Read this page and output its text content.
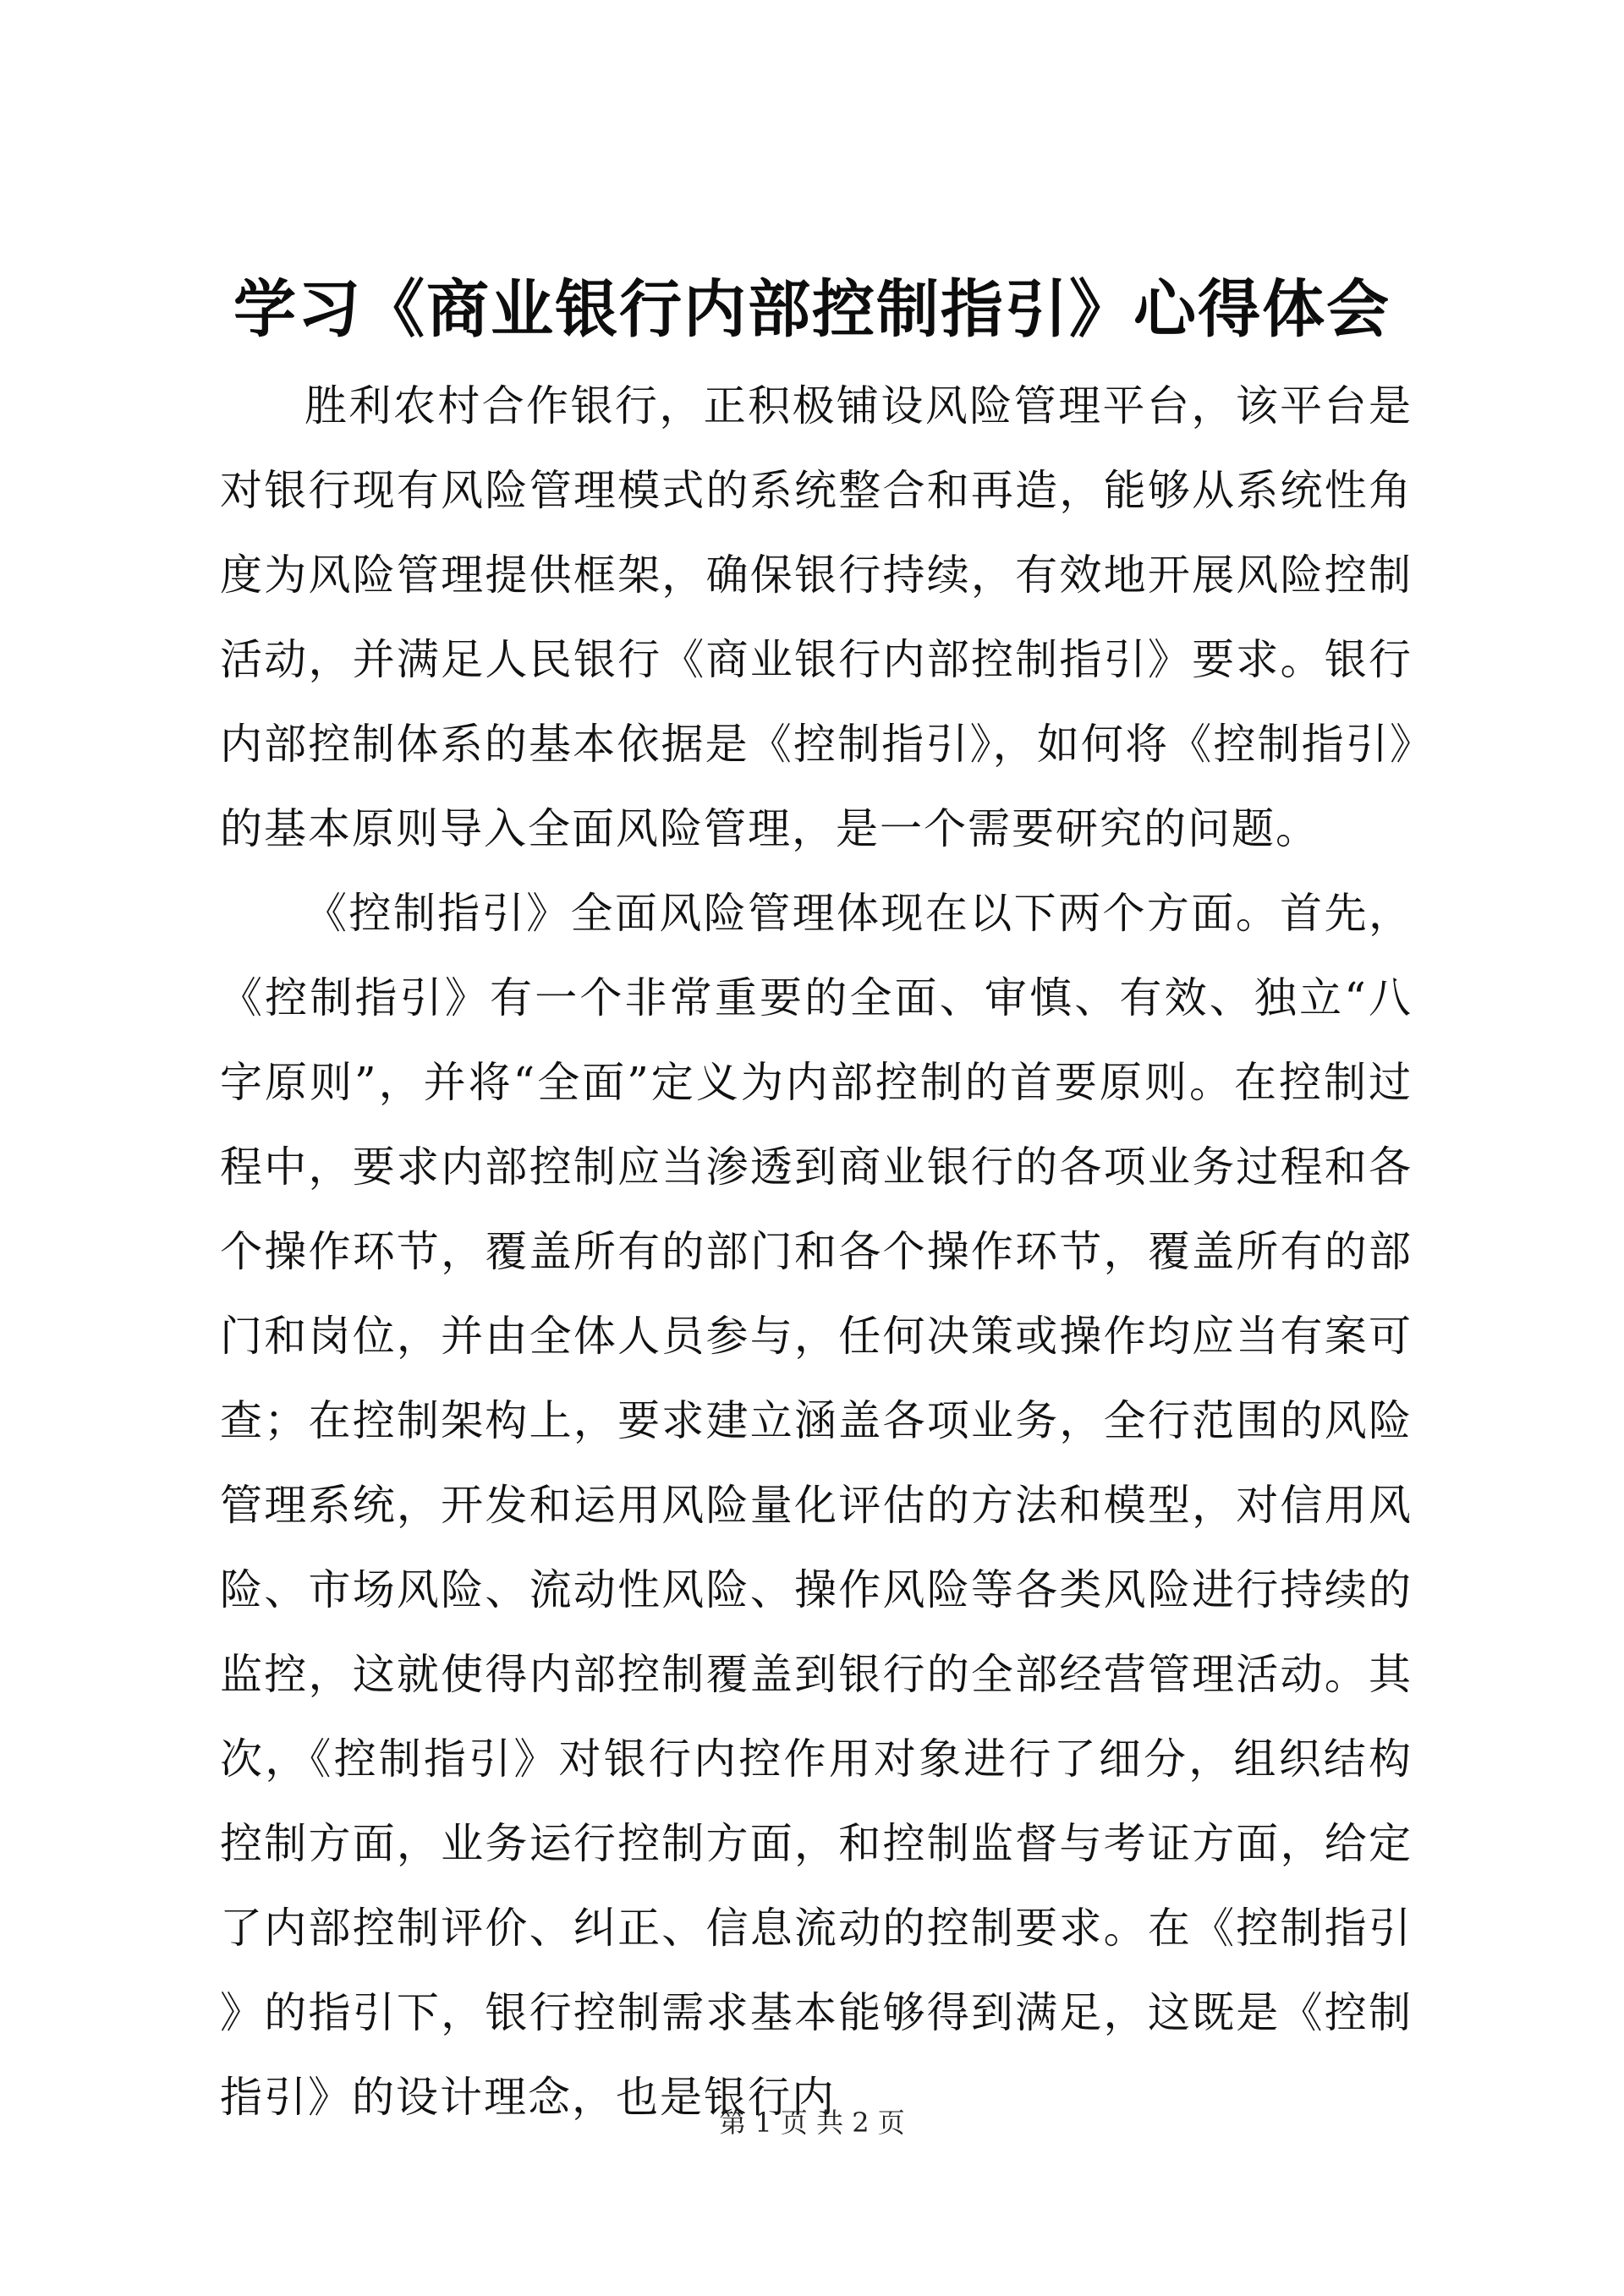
学习《商业银行内部控制指引》心得体会

胜利农村合作银行，正积极铺设风险管理平台，该平台是对银行现有风险管理模式的系统整合和再造，能够从系统性角度为风险管理提供框架，确保银行持续，有效地开展风险控制活动，并满足人民银行《商业银行内部控制指引》要求。银行内部控制体系的基本依据是《控制指引》，如何将《控制指引》的基本原则导入全面风险管理，是一个需要研究的问题。

《控制指引》全面风险管理体现在以下两个方面。首先，《控制指引》有一个非常重要的全面、审慎、有效、独立“八字原则”，并将“全面”定义为内部控制的首要原则。在控制过程中，要求内部控制应当渗透到商业银行的各项业务过程和各个操作环节，覆盖所有的部门和各个操作环节，覆盖所有的部门和岗位，并由全体人员参与，任何决策或操作均应当有案可查；在控制架构上，要求建立涵盖各项业务，全行范围的风险管理系统，开发和运用风险量化评估的方法和模型，对信用风险、市场风险、流动性风险、操作风险等各类风险进行持续的监控，这就使得内部控制覆盖到银行的全部经营管理活动。其次，《控制指引》对银行内控作用对象进行了细分，组织结构控制方面，业务运行控制方面，和控制监督与考证方面，给定了内部控制评价、纠正、信息流动的控制要求。在《控制指引》的指引下，银行控制需求基本能够得到满足，这既是《控制指引》的设计理念，也是银行内

第 1 页 共 2 页
